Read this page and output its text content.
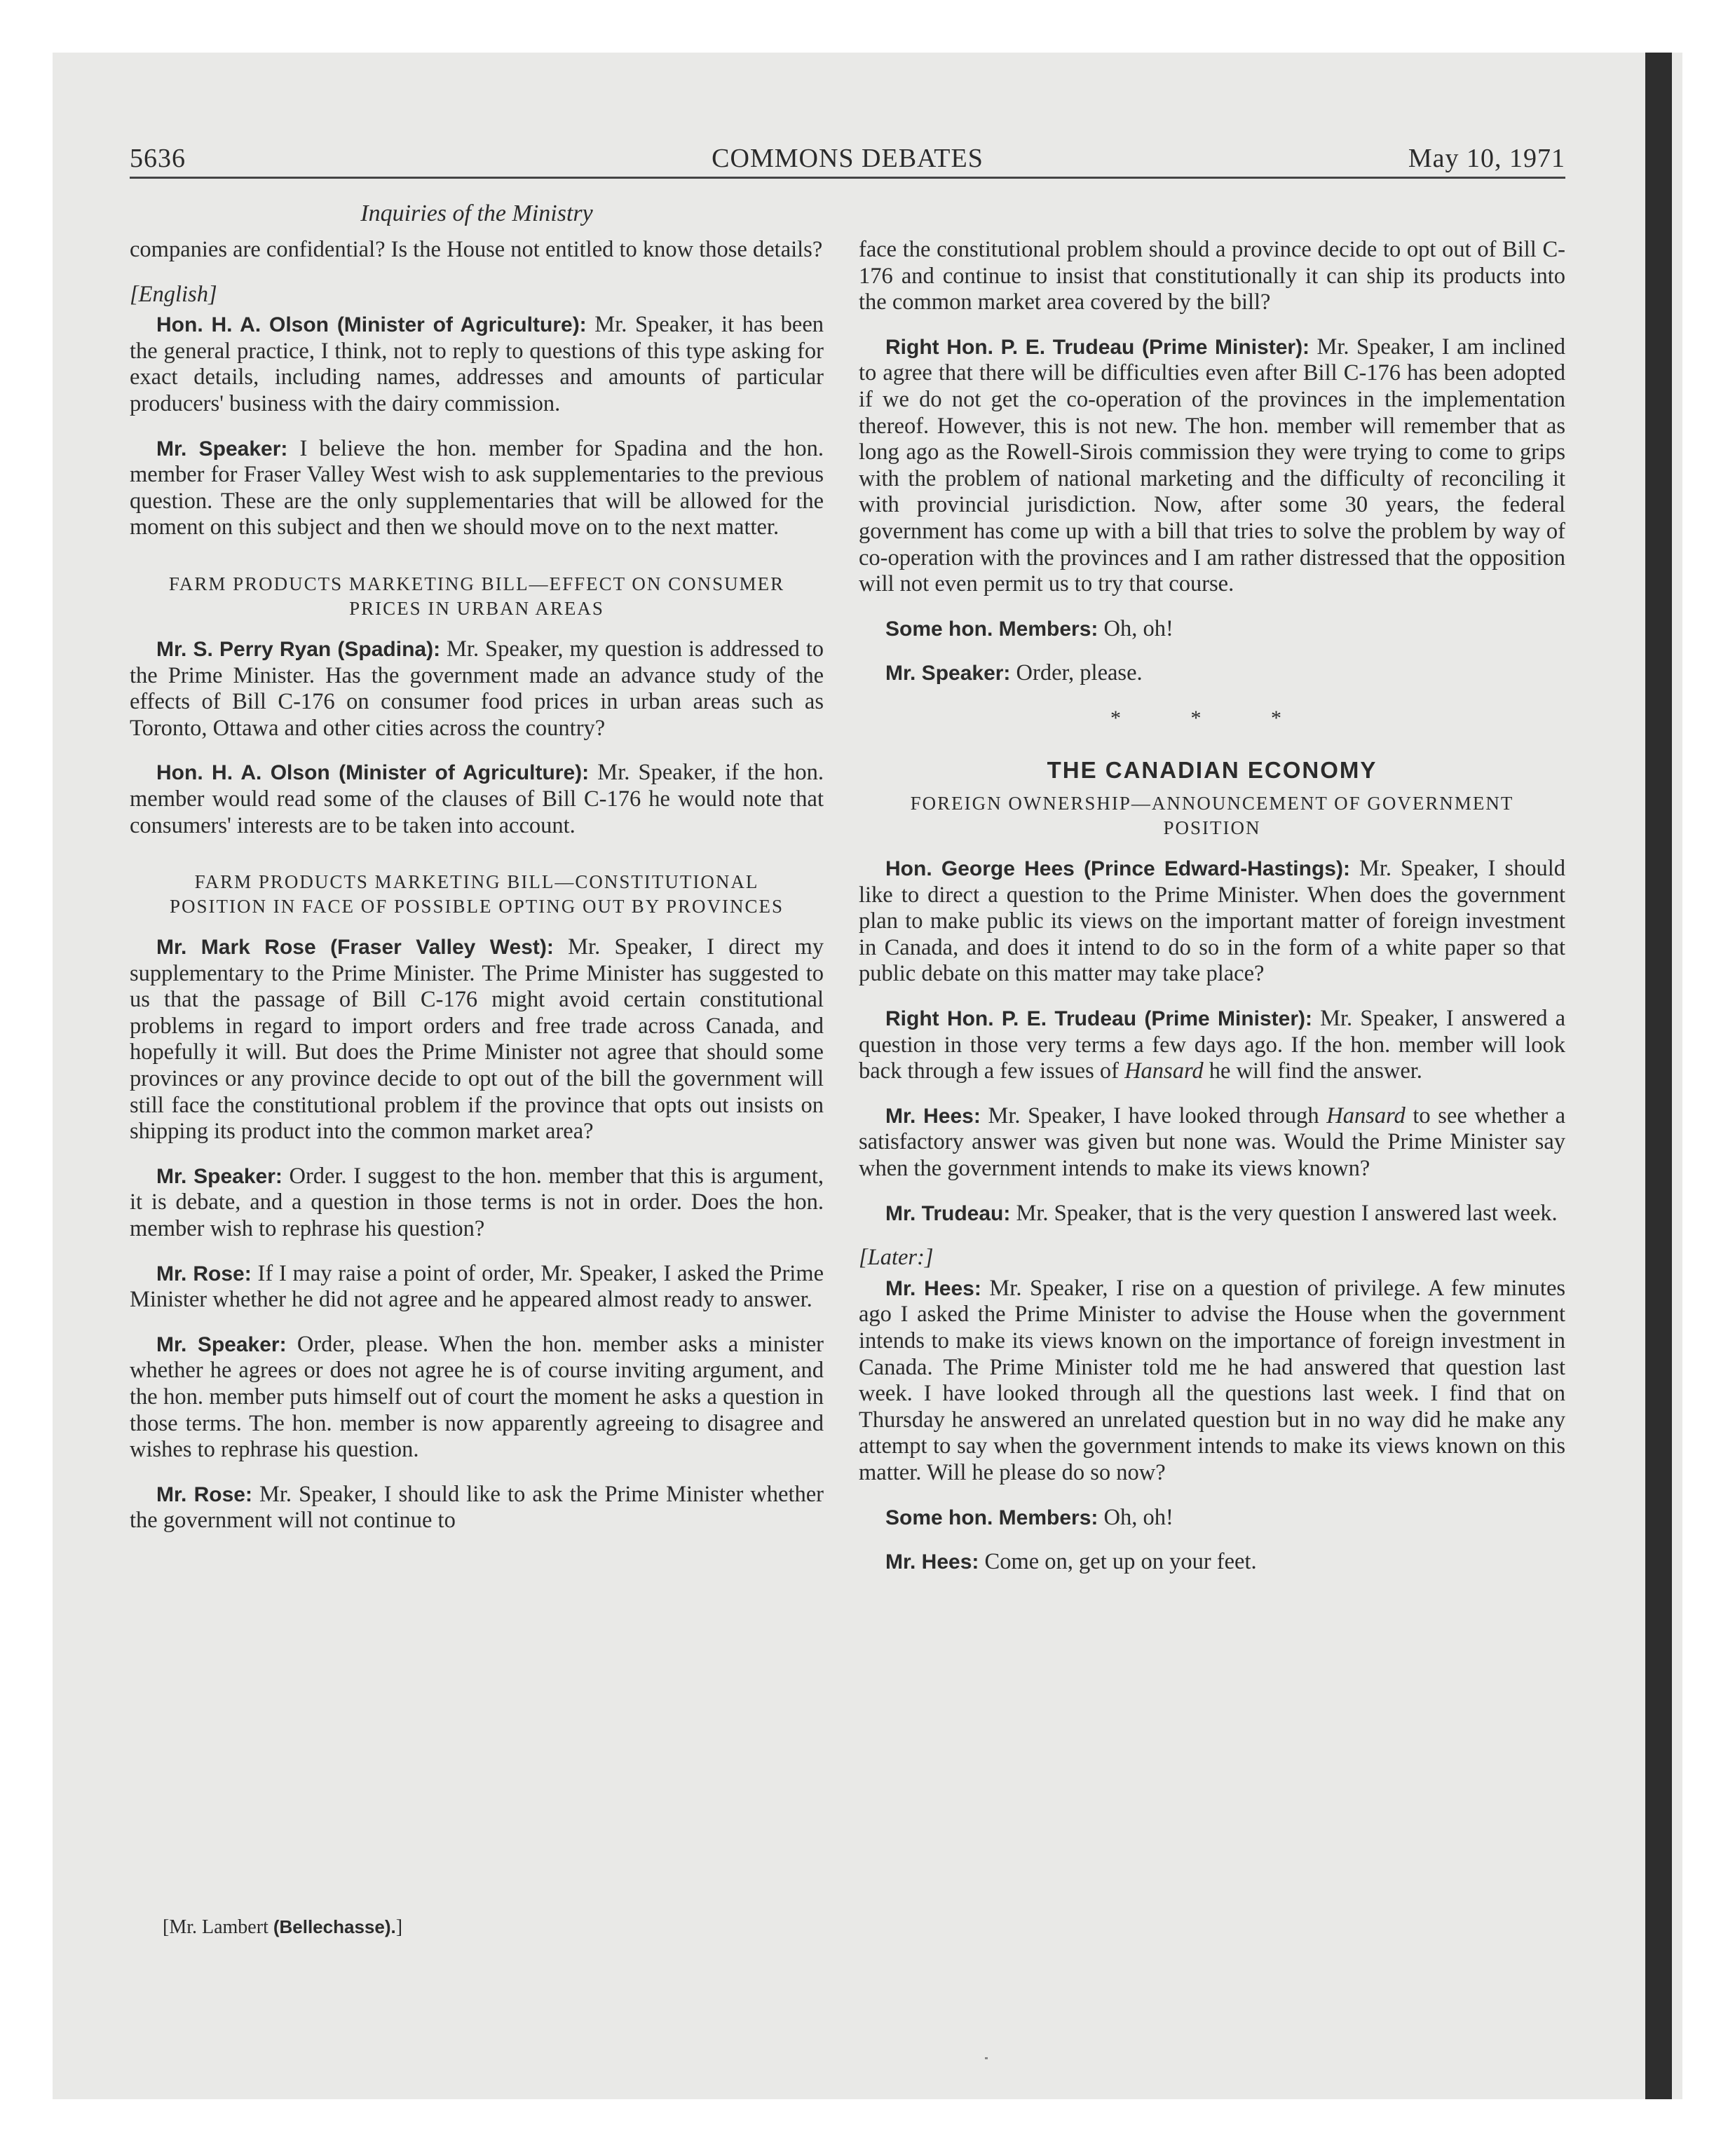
5636	COMMONS DEBATES	May 10, 1971
Inquiries of the Ministry

companies are confidential? Is the House not entitled to know those details?

[English]

Hon. H. A. Olson (Minister of Agriculture): Mr. Speaker, it has been the general practice, I think, not to reply to questions of this type asking for exact details, including names, addresses and amounts of particular producers' business with the dairy commission.

Mr. Speaker: I believe the hon. member for Spadina and the hon. member for Fraser Valley West wish to ask supplementaries to the previous question. These are the only supplementaries that will be allowed for the moment on this subject and then we should move on to the next matter.

FARM PRODUCTS MARKETING BILL—EFFECT ON CONSUMER PRICES IN URBAN AREAS

Mr. S. Perry Ryan (Spadina): Mr. Speaker, my question is addressed to the Prime Minister. Has the government made an advance study of the effects of Bill C-176 on consumer food prices in urban areas such as Toronto, Ottawa and other cities across the country?

Hon. H. A. Olson (Minister of Agriculture): Mr. Speaker, if the hon. member would read some of the clauses of Bill C-176 he would note that consumers' interests are to be taken into account.

FARM PRODUCTS MARKETING BILL—CONSTITUTIONAL POSITION IN FACE OF POSSIBLE OPTING OUT BY PROVINCES

Mr. Mark Rose (Fraser Valley West): Mr. Speaker, I direct my supplementary to the Prime Minister. The Prime Minister has suggested to us that the passage of Bill C-176 might avoid certain constitutional problems in regard to import orders and free trade across Canada, and hopefully it will. But does the Prime Minister not agree that should some provinces or any province decide to opt out of the bill the government will still face the constitutional problem if the province that opts out insists on shipping its product into the common market area?

Mr. Speaker: Order. I suggest to the hon. member that this is argument, it is debate, and a question in those terms is not in order. Does the hon. member wish to rephrase his question?

Mr. Rose: If I may raise a point of order, Mr. Speaker, I asked the Prime Minister whether he did not agree and he appeared almost ready to answer.

Mr. Speaker: Order, please. When the hon. member asks a minister whether he agrees or does not agree he is of course inviting argument, and the hon. member puts himself out of court the moment he asks a question in those terms. The hon. member is now apparently agreeing to disagree and wishes to rephrase his question.

Mr. Rose: Mr. Speaker, I should like to ask the Prime Minister whether the government will not continue to

[Mr. Lambert (Bellechasse).]

face the constitutional problem should a province decide to opt out of Bill C-176 and continue to insist that constitutionally it can ship its products into the common market area covered by the bill?

Right Hon. P. E. Trudeau (Prime Minister): Mr. Speaker, I am inclined to agree that there will be difficulties even after Bill C-176 has been adopted if we do not get the co-operation of the provinces in the implementation thereof. However, this is not new. The hon. member will remember that as long ago as the Rowell-Sirois commission they were trying to come to grips with the problem of national marketing and the difficulty of reconciling it with provincial jurisdiction. Now, after some 30 years, the federal government has come up with a bill that tries to solve the problem by way of co-operation with the provinces and I am rather distressed that the opposition will not even permit us to try that course.

Some hon. Members: Oh, oh!

Mr. Speaker: Order, please.

* * *
THE CANADIAN ECONOMY
FOREIGN OWNERSHIP—ANNOUNCEMENT OF GOVERNMENT POSITION

Hon. George Hees (Prince Edward-Hastings): Mr. Speaker, I should like to direct a question to the Prime Minister. When does the government plan to make public its views on the important matter of foreign investment in Canada, and does it intend to do so in the form of a white paper so that public debate on this matter may take place?

Right Hon. P. E. Trudeau (Prime Minister): Mr. Speaker, I answered a question in those very terms a few days ago. If the hon. member will look back through a few issues of Hansard he will find the answer.

Mr. Hees: Mr. Speaker, I have looked through Hansard to see whether a satisfactory answer was given but none was. Would the Prime Minister say when the government intends to make its views known?

Mr. Trudeau: Mr. Speaker, that is the very question I answered last week.

[Later:]

Mr. Hees: Mr. Speaker, I rise on a question of privilege. A few minutes ago I asked the Prime Minister to advise the House when the government intends to make its views known on the importance of foreign investment in Canada. The Prime Minister told me he had answered that question last week. I have looked through all the questions last week. I find that on Thursday he answered an unrelated question but in no way did he make any attempt to say when the government intends to make its views known on this matter. Will he please do so now?

Some hon. Members: Oh, oh!

Mr. Hees: Come on, get up on your feet.
